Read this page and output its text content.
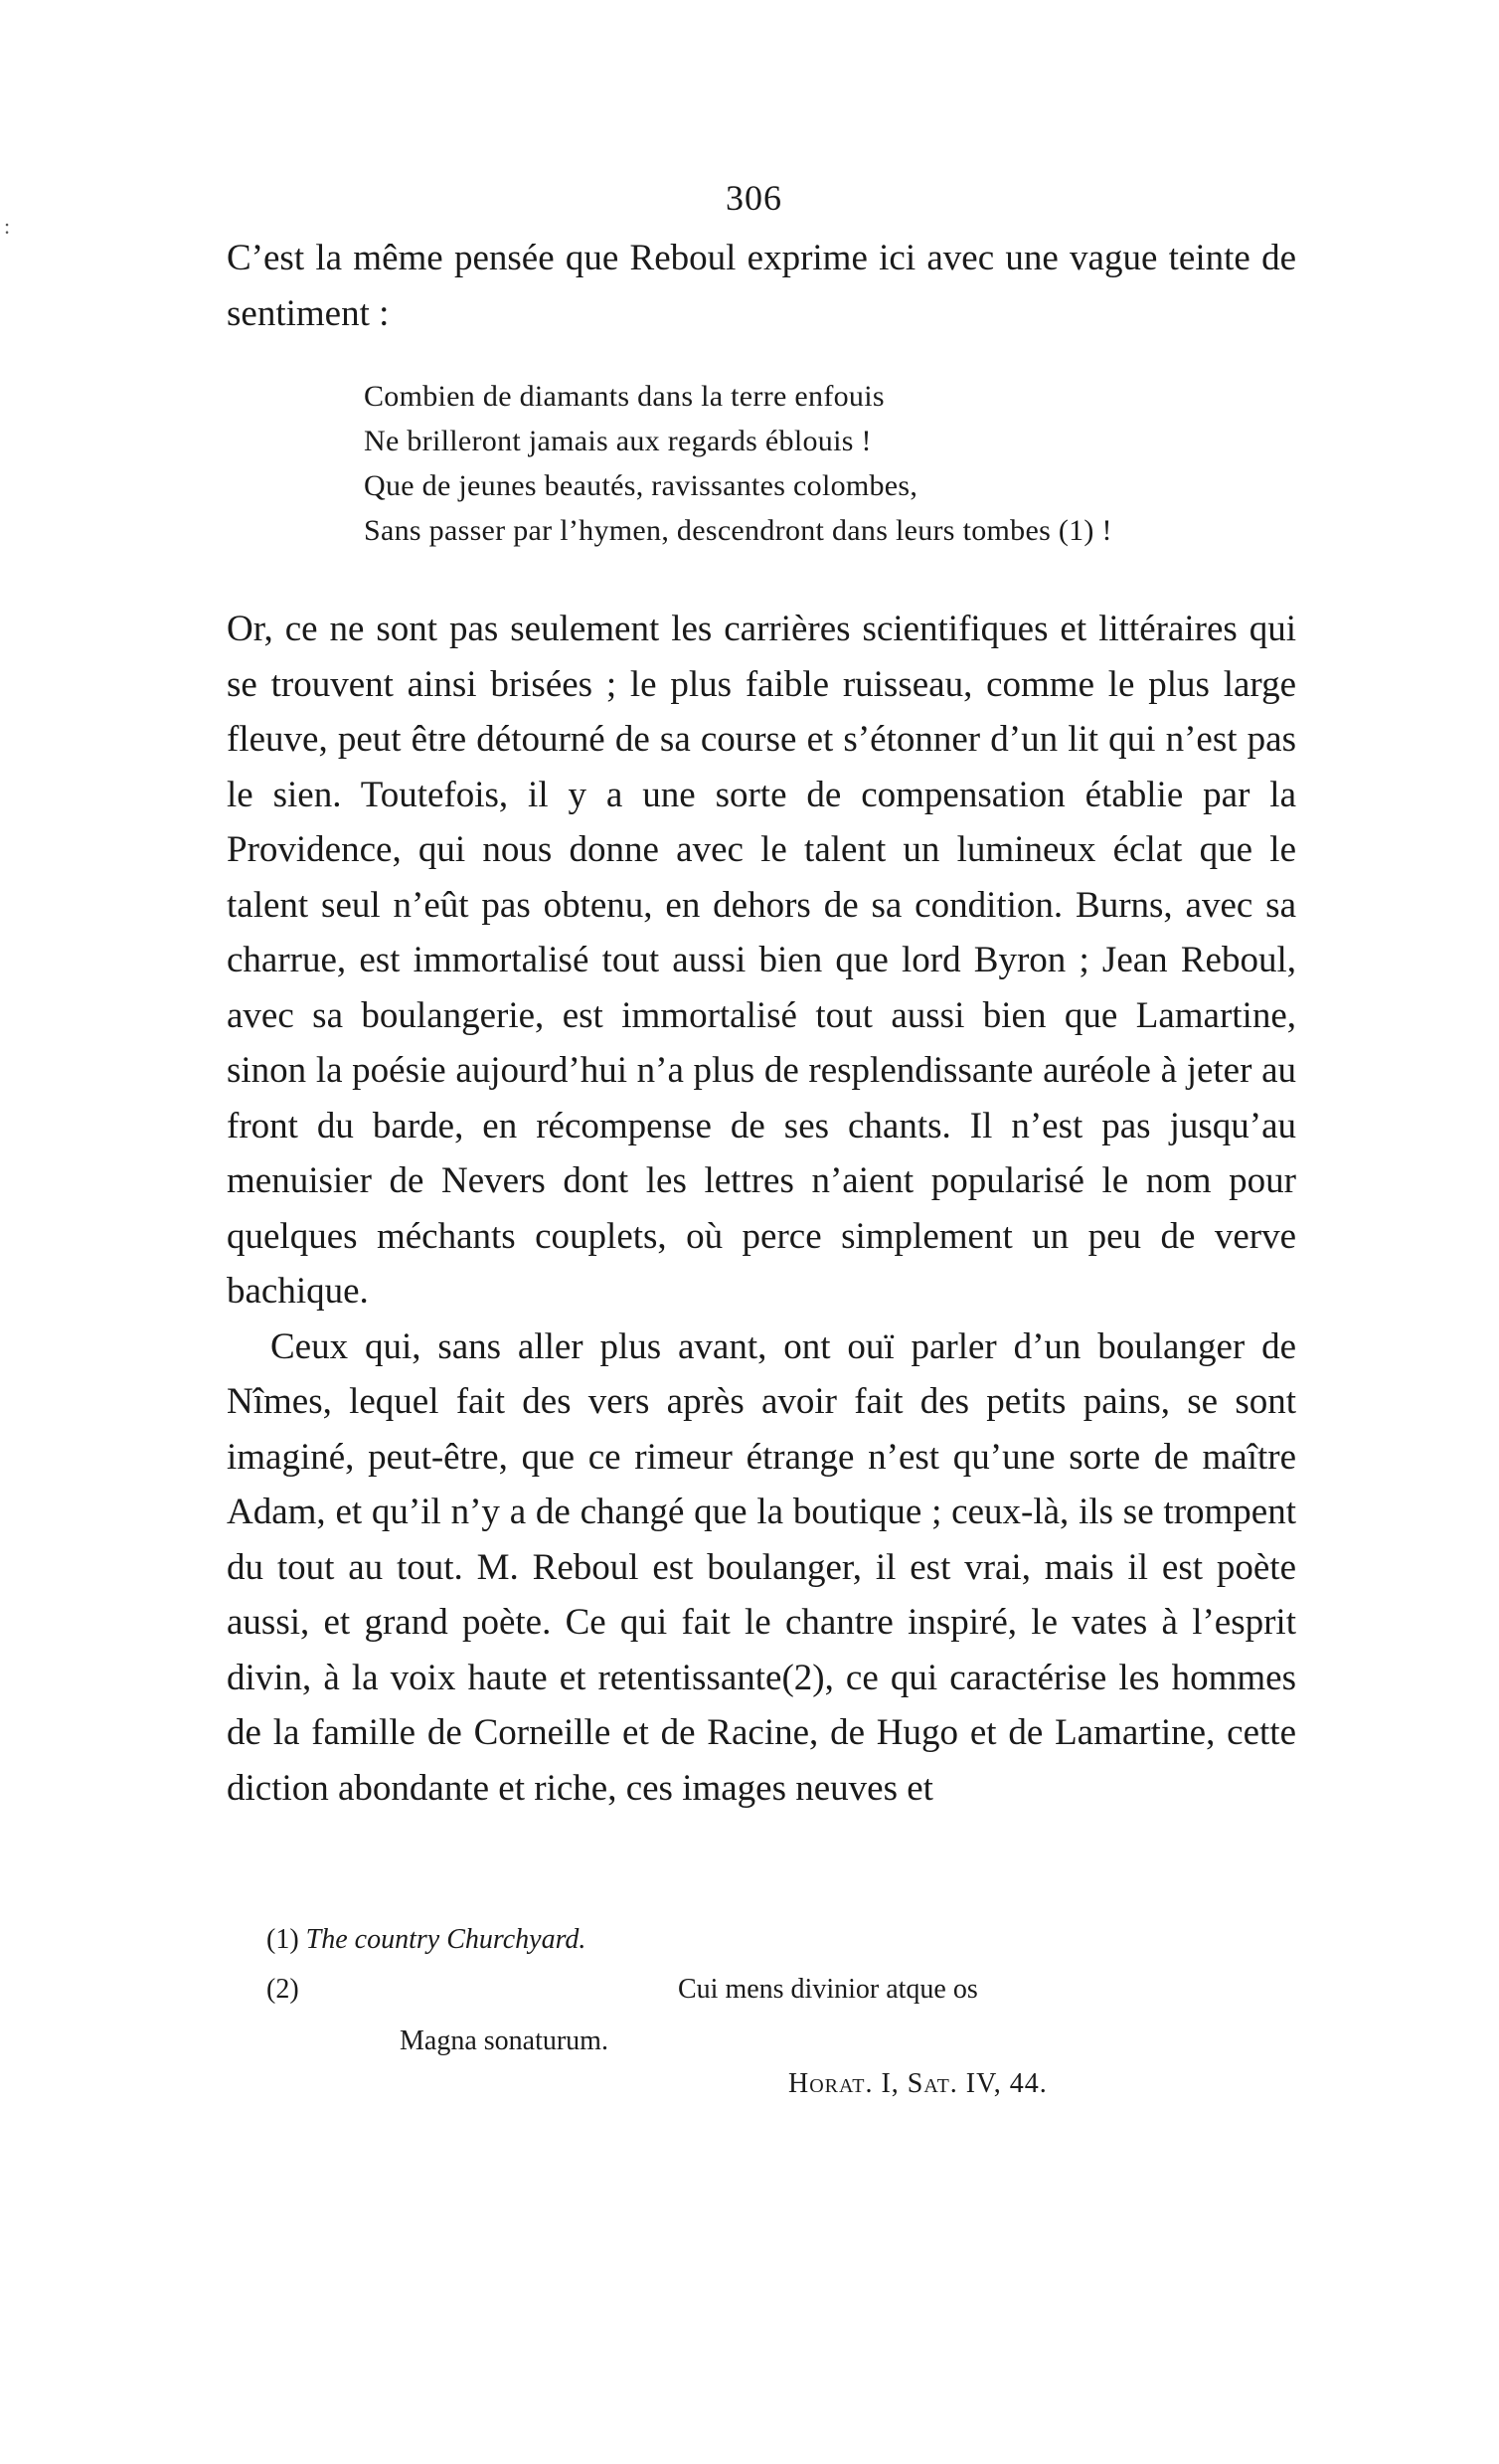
:
306
C’est la même pensée que Reboul exprime ici avec une vague teinte de sentiment :
Combien de diamants dans la terre enfouis
Ne brilleront jamais aux regards éblouis !
Que de jeunes beautés, ravissantes colombes,
Sans passer par l’hymen, descendront dans leurs tombes (1) !

Or, ce ne sont pas seulement les carrières scientifiques et littéraires qui se trouvent ainsi brisées ; le plus faible ruisseau, comme le plus large fleuve, peut être détourné de sa course et s’étonner d’un lit qui n’est pas le sien. Toutefois, il y a une sorte de compensation établie par la Providence, qui nous donne avec le talent un lumineux éclat que le talent seul n’eût pas obtenu, en dehors de sa condition. Burns, avec sa charrue, est immortalisé tout aussi bien que lord Byron ; Jean Reboul, avec sa boulangerie, est immortalisé tout aussi bien que Lamartine, sinon la poésie aujourd’hui n’a plus de resplendissante auréole à jeter au front du barde, en récompense de ses chants. Il n’est pas jusqu’au menuisier de Nevers dont les lettres n’aient popularisé le nom pour quelques méchants couplets, où perce simplement un peu de verve bachique.

Ceux qui, sans aller plus avant, ont ouï parler d’un boulanger de Nîmes, lequel fait des vers après avoir fait des petits pains, se sont imaginé, peut-être, que ce rimeur étrange n’est qu’une sorte de maître Adam, et qu’il n’y a de changé que la boutique ; ceux-là, ils se trompent du tout au tout. M. Reboul est boulanger, il est vrai, mais il est poète aussi, et grand poète. Ce qui fait le chantre inspiré, le vates à l’esprit divin, à la voix haute et retentissante(2), ce qui caractérise les hommes de la famille de Corneille et de Racine, de Hugo et de Lamartine, cette diction abondante et riche, ces images neuves et

(1) The country Churchyard.
(2)	Cui mens divinior atque os
Magna sonaturum.
Horat. I, Sat. IV, 44.
